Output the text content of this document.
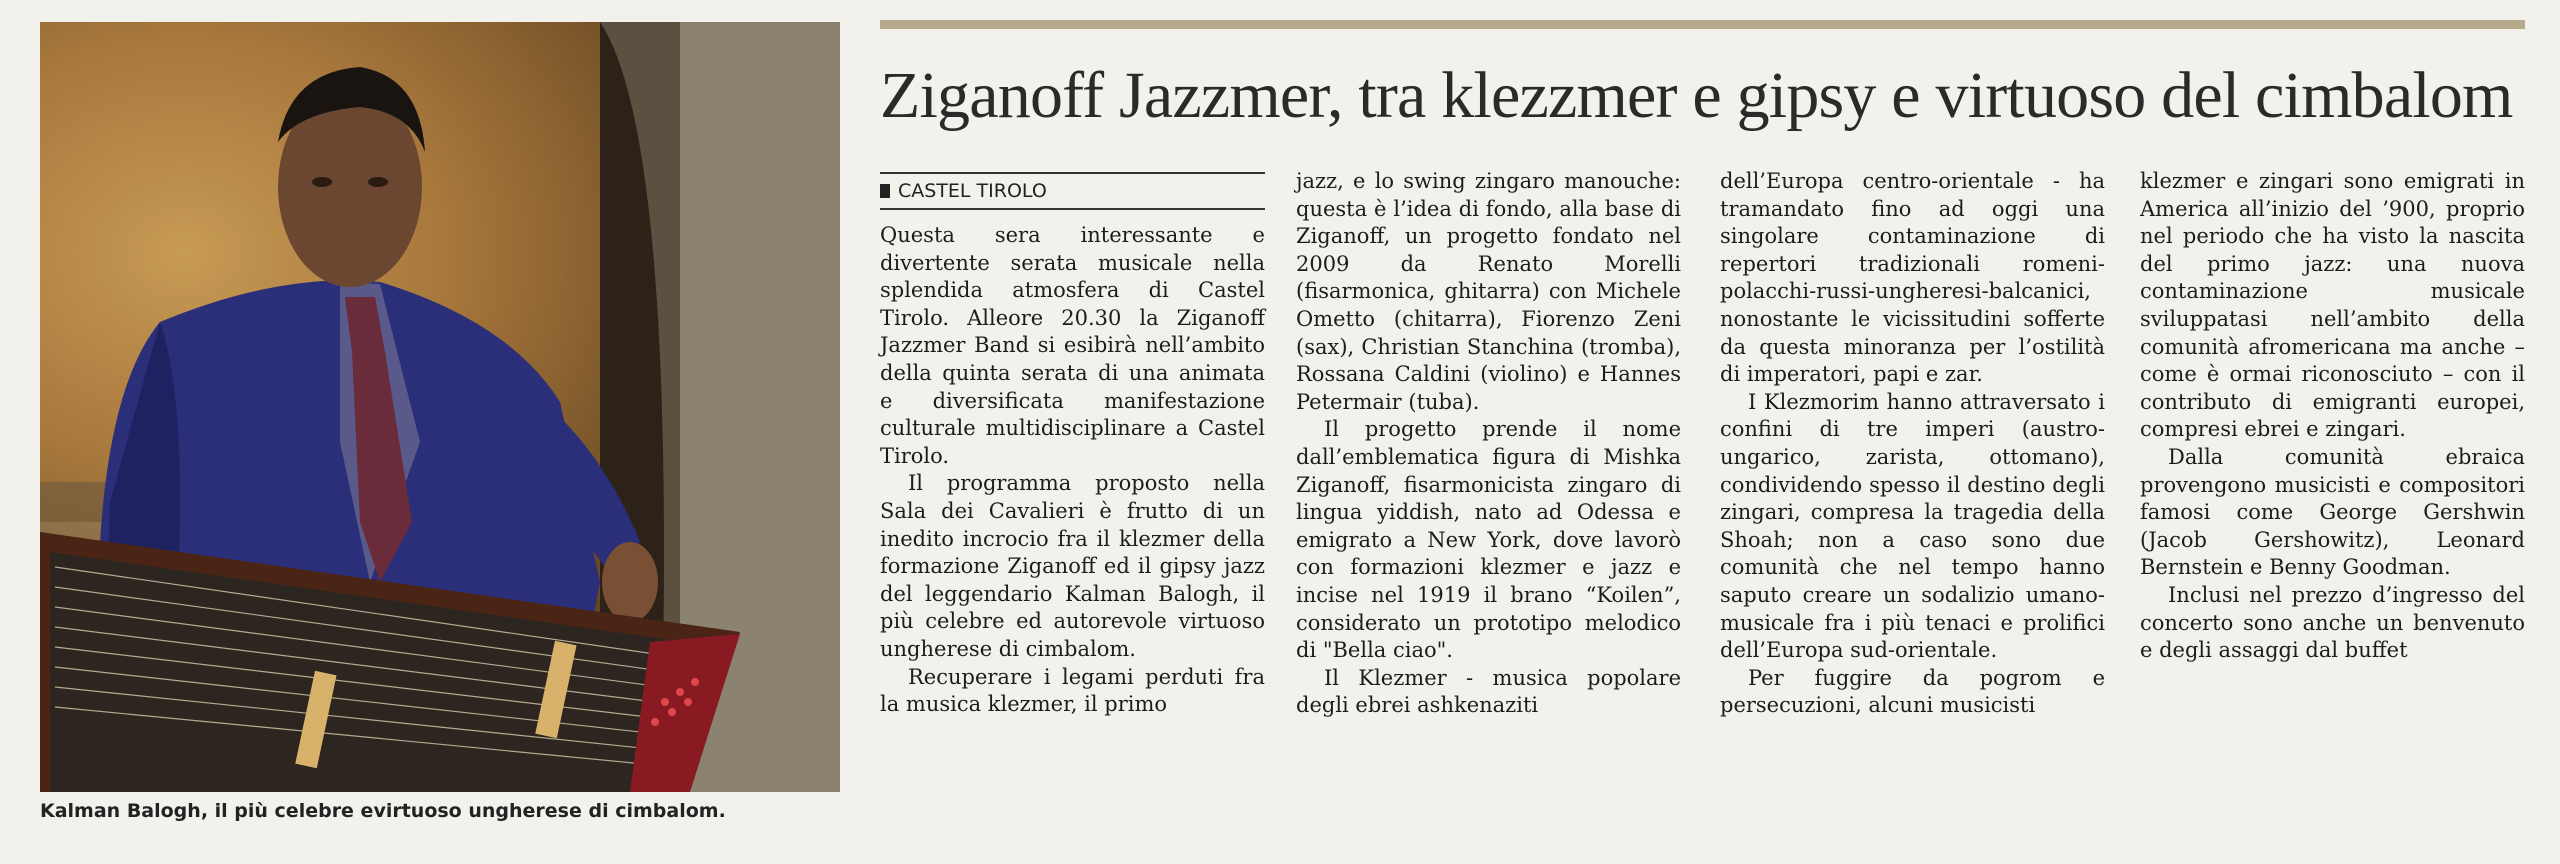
Kalman Balogh, il più celebre evirtuoso ungherese di cimbalom.
Ziganoff Jazzmer, tra klezzmer e gipsy e virtuoso del cimbalom
CASTEL TIROLO

Questa sera interessante e divertente serata musicale nella splendida atmosfera di Castel Tirolo. Alleore 20.30 la Ziganoff Jazzmer Band si esibirà nell’ambito della quinta serata di una animata e diversificata manifestazione culturale multidisciplinare a Castel Tirolo.

Il programma proposto nella Sala dei Cavalieri è frutto di un inedito incrocio fra il klezmer della formazione Ziganoff ed il gipsy jazz del leggendario Kalman Balogh, il più celebre ed autorevole virtuoso ungherese di cimbalom.

Recuperare i legami perduti fra la musica klezmer, il primo

jazz, e lo swing zingaro manouche: questa è l’idea di fondo, alla base di Ziganoff, un progetto fondato nel 2009 da Renato Morelli (fisarmonica, ghitarra) con Michele Ometto (chitarra), Fiorenzo Zeni (sax), Christian Stanchina (tromba), Rossana Caldini (violino) e Hannes Petermair (tuba).

Il progetto prende il nome dall’emblematica figura di Mishka Ziganoff, fisarmonicista zingaro di lingua yiddish, nato ad Odessa e emigrato a New York, dove lavorò con formazioni klezmer e jazz e incise nel 1919 il brano “Koilen”, considerato un prototipo melodico di "Bella ciao".

Il Klezmer - musica popolare degli ebrei ashkenaziti

dell’Europa centro-orientale - ha tramandato fino ad oggi una singolare contaminazione di repertori tradizionali romeni-polacchi-russi-ungheresi-balcanici, nonostante le vicissitudini sofferte da questa minoranza per l’ostilità di imperatori, papi e zar.

I Klezmorim hanno attraversato i confini di tre imperi (austro-ungarico, zarista, ottomano), condividendo spesso il destino degli zingari, compresa la tragedia della Shoah; non a caso sono due comunità che nel tempo hanno saputo creare un sodalizio umano-musicale fra i più tenaci e prolifici dell’Europa sud-orientale.

Per fuggire da pogrom e persecuzioni, alcuni musicisti

klezmer e zingari sono emigrati in America all’inizio del ’900, proprio nel periodo che ha visto la nascita del primo jazz: una nuova contaminazione musicale sviluppatasi nell’ambito della comunità afromericana ma anche – come è ormai riconosciuto – con il contributo di emigranti europei, compresi ebrei e zingari.

Dalla comunità ebraica provengono musicisti e compositori famosi come George Gershwin (Jacob Gershowitz), Leonard Bernstein e Benny Goodman.

Inclusi nel prezzo d’ingresso del concerto sono anche un benvenuto e degli assaggi dal buffet
